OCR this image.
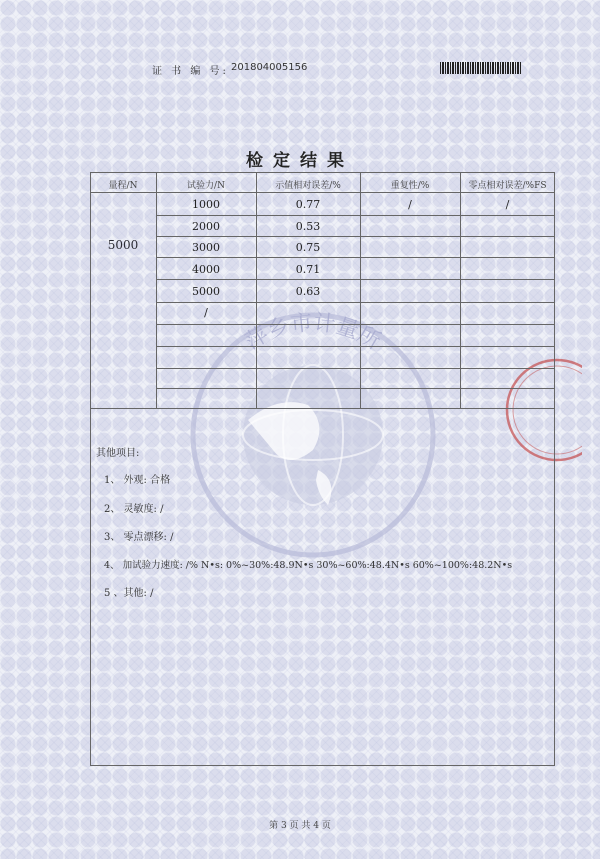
证 书 编 号: 201804005156
检定结果
萍乡市计量所
量程/N	试验力/N	示值相对误差/%	重复性/%	零点相对误差/%FS
5000
1000	0.77	/	/
2000	0.53
3000	0.75
4000	0.71
5000	0.63
/
其他项目:
1、 外观: 合格
2、 灵敏度: /
3、 零点漂移: /
4、 加试验力速度: /% N•s: 0%~30%:48.9N•s 30%~60%:48.4N•s 60%~100%:48.2N•s
5 、其他: /
第 3 页 共 4 页
